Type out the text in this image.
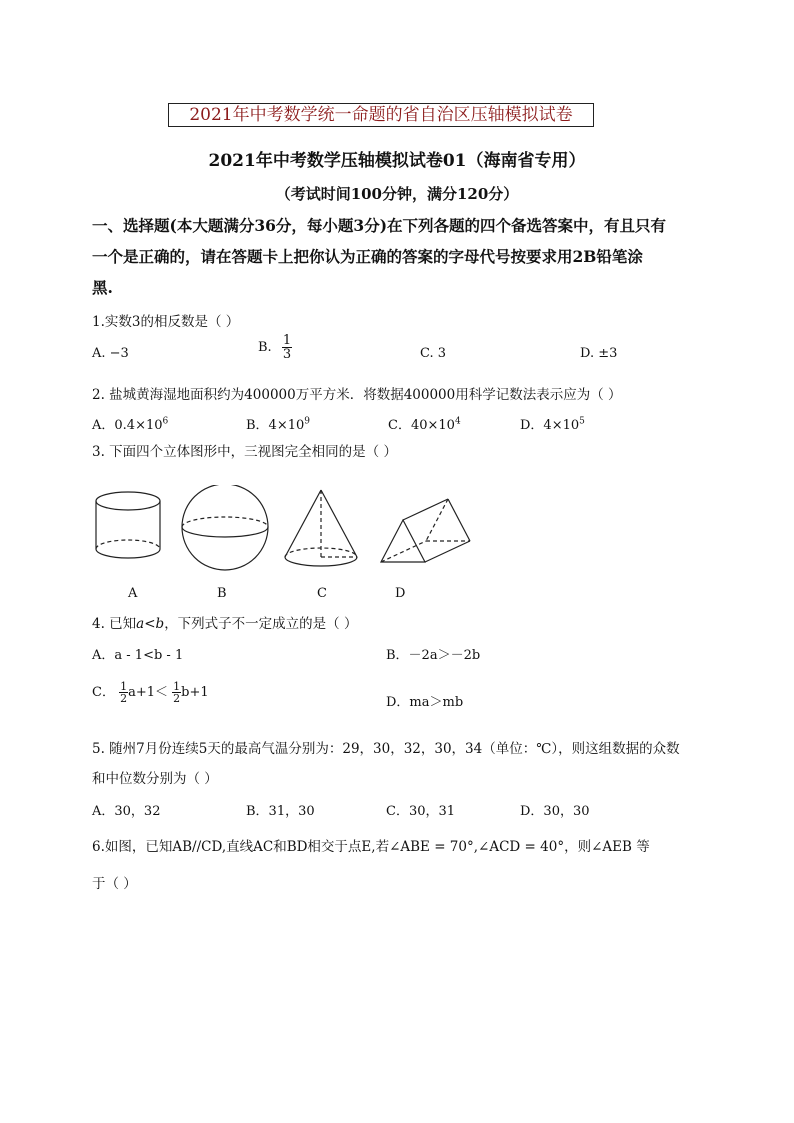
2021年中考数学统一命题的省自治区压轴模拟试卷
2021年中考数学压轴模拟试卷01（海南省专用）
（考试时间100分钟，满分120分）
一、选择题(本大题满分36分，每小题3分)在下列各题的四个备选答案中，有且只有
一个是正确的，请在答题卡上把你认为正确的答案的字母代号按要求用2B铅笔涂
黑.
1.实数3的相反数是（ ）
A. −3	B. $\frac{1}{3}$	C. 3	D. ±3
2. 盐城黄海湿地面积约为400000万平方米．将数据400000用科学记数法表示应为（ ）
A．$0.4\times 10^6$	B．$4\times 10^9$	C．$40\times 10^4$	D．$4\times 10^5$
3. 下面四个立体图形中，三视图完全相同的是（ ）
A	B	C	D
4. 已知a<b，下列式子不一定成立的是（ ）
A．a - 1<b - 1	B．－2a＞－2b
C． $\frac{1}{2} a+1< \frac{1}{2} b+1$
D．ma＞mb
5. 随州7月份连续5天的最高气温分别为：29，30，32，30，34（单位：℃），则这组数据的众数
和中位数分别为（ ）
A．30，32	B．31，30	C．30，31	D．30，30
6.如图，已知AB//CD,直线AC和BD相交于点E,若∠ABE = 70°,∠ACD = 40°，则∠AEB 等
于（ ）
